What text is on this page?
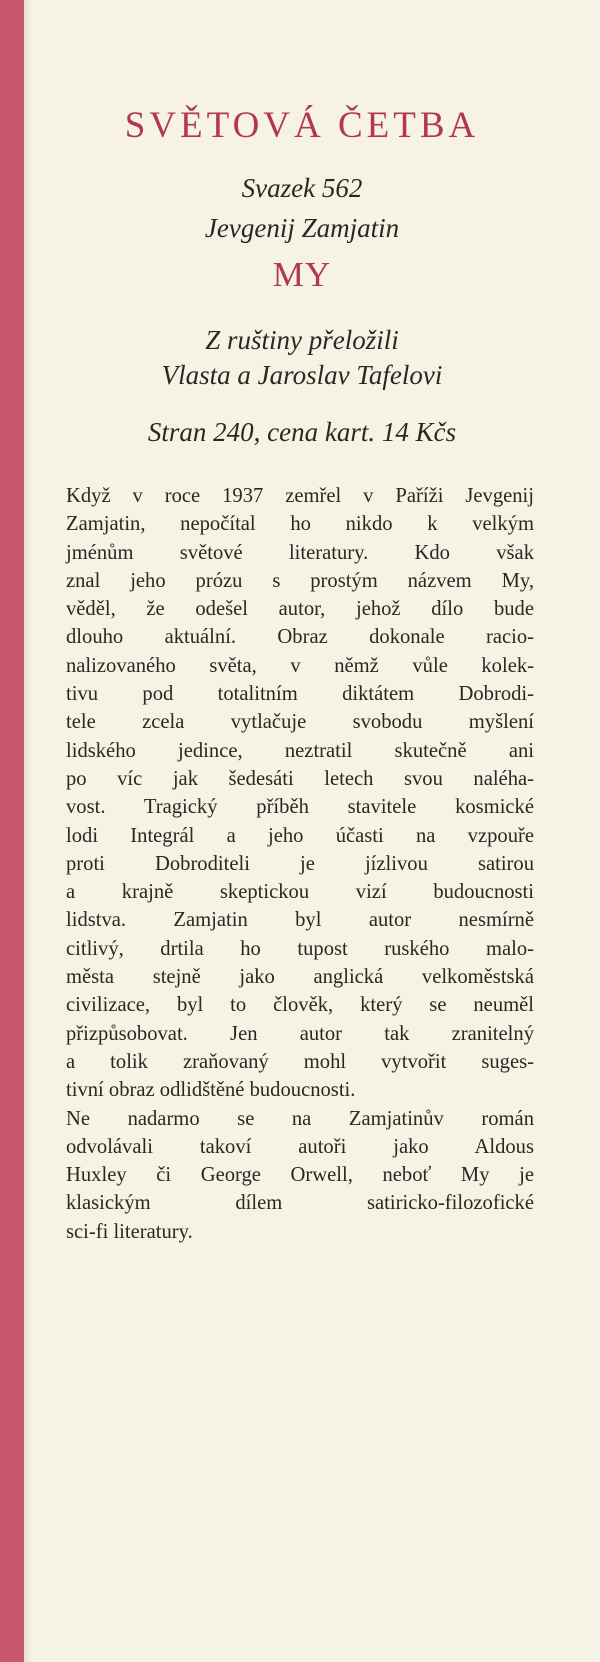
SVĚTOVÁ ČETBA

Svazek 562

Jevgenij Zamjatin

MY

Z ruštiny přeložili

Vlasta a Jaroslav Tafelovi

Stran 240, cena kart. 14 Kčs

Když v roce 1937 zemřel v Paříži Jevgenij
Zamjatin, nepočítal ho nikdo k velkým
jménům světové literatury. Kdo však
znal jeho prózu s prostým názvem My,
věděl, že odešel autor, jehož dílo bude
dlouho aktuální. Obraz dokonale racio-
nalizovaného světa, v němž vůle kolek-
tivu pod totalitním diktátem Dobrodi-
tele zcela vytlačuje svobodu myšlení
lidského jedince, neztratil skutečně ani
po víc jak šedesáti letech svou naléha-
vost. Tragický příběh stavitele kosmické
lodi Integrál a jeho účasti na vzpouře
proti Dobroditeli je jízlivou satirou
a krajně skeptickou vizí budoucnosti
lidstva. Zamjatin byl autor nesmírně
citlivý, drtila ho tupost ruského malo-
města stejně jako anglická velkoměstská
civilizace, byl to člověk, který se neuměl
přizpůsobovat. Jen autor tak zranitelný
a tolik zraňovaný mohl vytvořit suges-
tivní obraz odlidštěné budoucnosti.
Ne nadarmo se na Zamjatinův román
odvolávali takoví autoři jako Aldous
Huxley či George Orwell, neboť My je
klasickým dílem satiricko-filozofické
sci-fi literatury.
